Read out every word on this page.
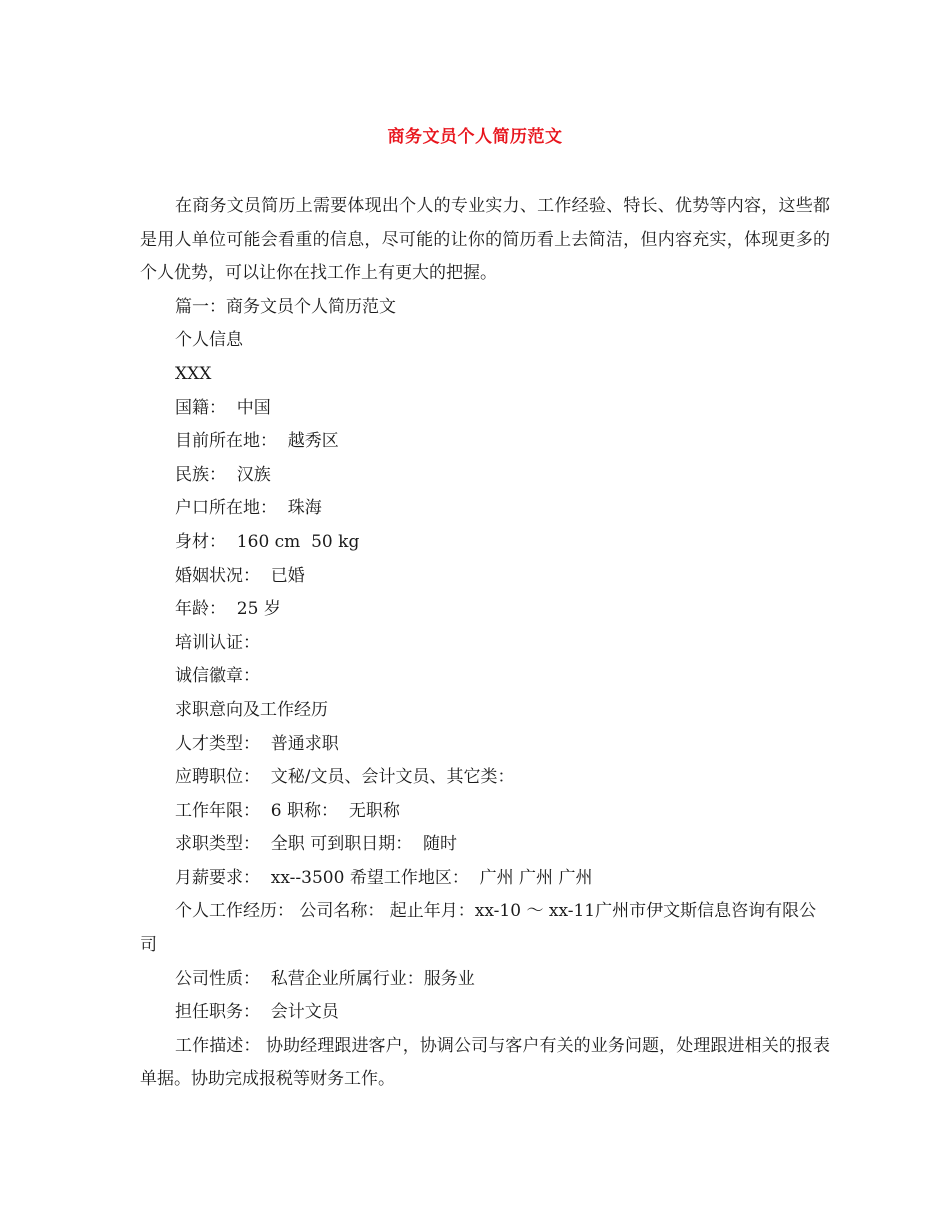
商务文员个人简历范文

在商务文员简历上需要体现出个人的专业实力、工作经验、特长、优势等内容，这些都是用人单位可能会看重的信息，尽可能的让你的简历看上去简洁，但内容充实，体现更多的个人优势，可以让你在找工作上有更大的把握。

篇一：商务文员个人简历范文

个人信息

XXX

国籍：  中国

目前所在地：  越秀区

民族：  汉族

户口所在地：  珠海

身材：  160 cm  50 kg

婚姻状况：  已婚

年龄：  25 岁

培训认证：

诚信徽章：

求职意向及工作经历

人才类型：  普通求职

应聘职位：  文秘/文员、会计文员、其它类：

工作年限：  6 职称：  无职称

求职类型：  全职 可到职日期：  随时

月薪要求：  xx--3500 希望工作地区：  广州 广州 广州

个人工作经历： 公司名称： 起止年月：xx-10 ～ xx-11广州市伊文斯信息咨询有限公司

公司性质：  私营企业所属行业：服务业

担任职务：  会计文员

工作描述： 协助经理跟进客户，协调公司与客户有关的业务问题，处理跟进相关的报表单据。协助完成报税等财务工作。
